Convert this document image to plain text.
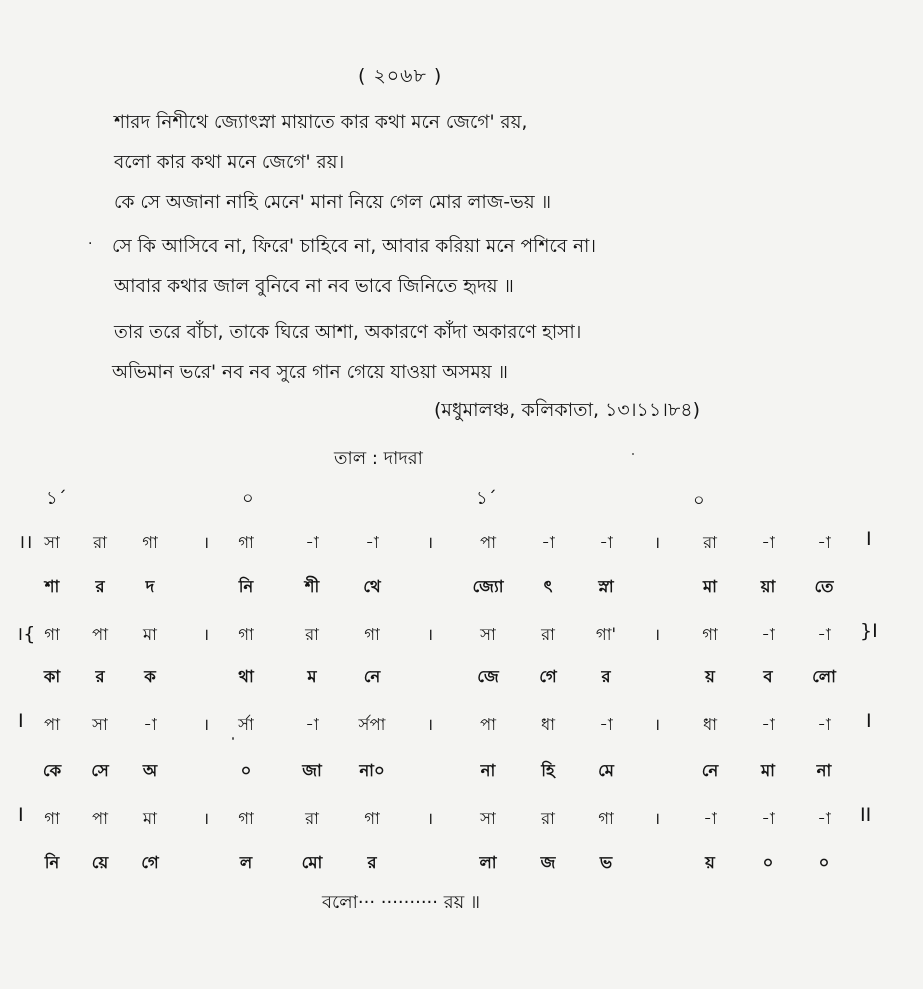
( ২০৬৮ )
শারদ নিশীথে জ্যোৎস্না মায়াতে কার কথা মনে জেগে' রয়,
বলো কার কথা মনে জেগে' রয়।
কে সে অজানা নাহি মেনে' মানা নিয়ে গেল মোর লাজ-ভয় ॥
· সে কি আসিবে না, ফিরে' চাহিবে না, আবার করিয়া মনে পশিবে না।
আবার কথার জাল বুনিবে না নব ভাবে জিনিতে হৃদয় ॥
তার তরে বাঁচা, তাকে ঘিরে আশা, অকারণে কাঁদা অকারণে হাসা।
অভিমান ভরে' নব নব সুরে গান গেয়ে যাওয়া অসময় ॥
(মধুমালঞ্চ, কলিকাতা, ১৩।১১।৮৪)
তাল : দাদরা
১´	০	১´	০
।। সা রা গা	। গা	-া	-া	।	পা	-া	-া ।	রা	-া	-া I
শা র দ	নি	শী	থে	জ্যো ৎ	স্না	মা	য়া তে
।{ গা পা মা	। গা	রা	গা	।	সা	রা গা' ।	গা	-া	-া }I
কা র ক	থা	ম	নে	জে গে	র	য়	ব লো
I পা সা -া	। র্সা	-া র্সপা	।	পা	ধা	-া ।	ধা	-া	-া I
কে সে অ	০	জা না০	না	হি	মে	নে	মা	না
I গা পা মা	। গা	রা	গা	।	সা	রা	গা ।	-া	-া	-া II
নি য়ে গে	ল	মো	র	লা	জ	ভ	য়	০	০
বলো··· ·········· রয় ॥
